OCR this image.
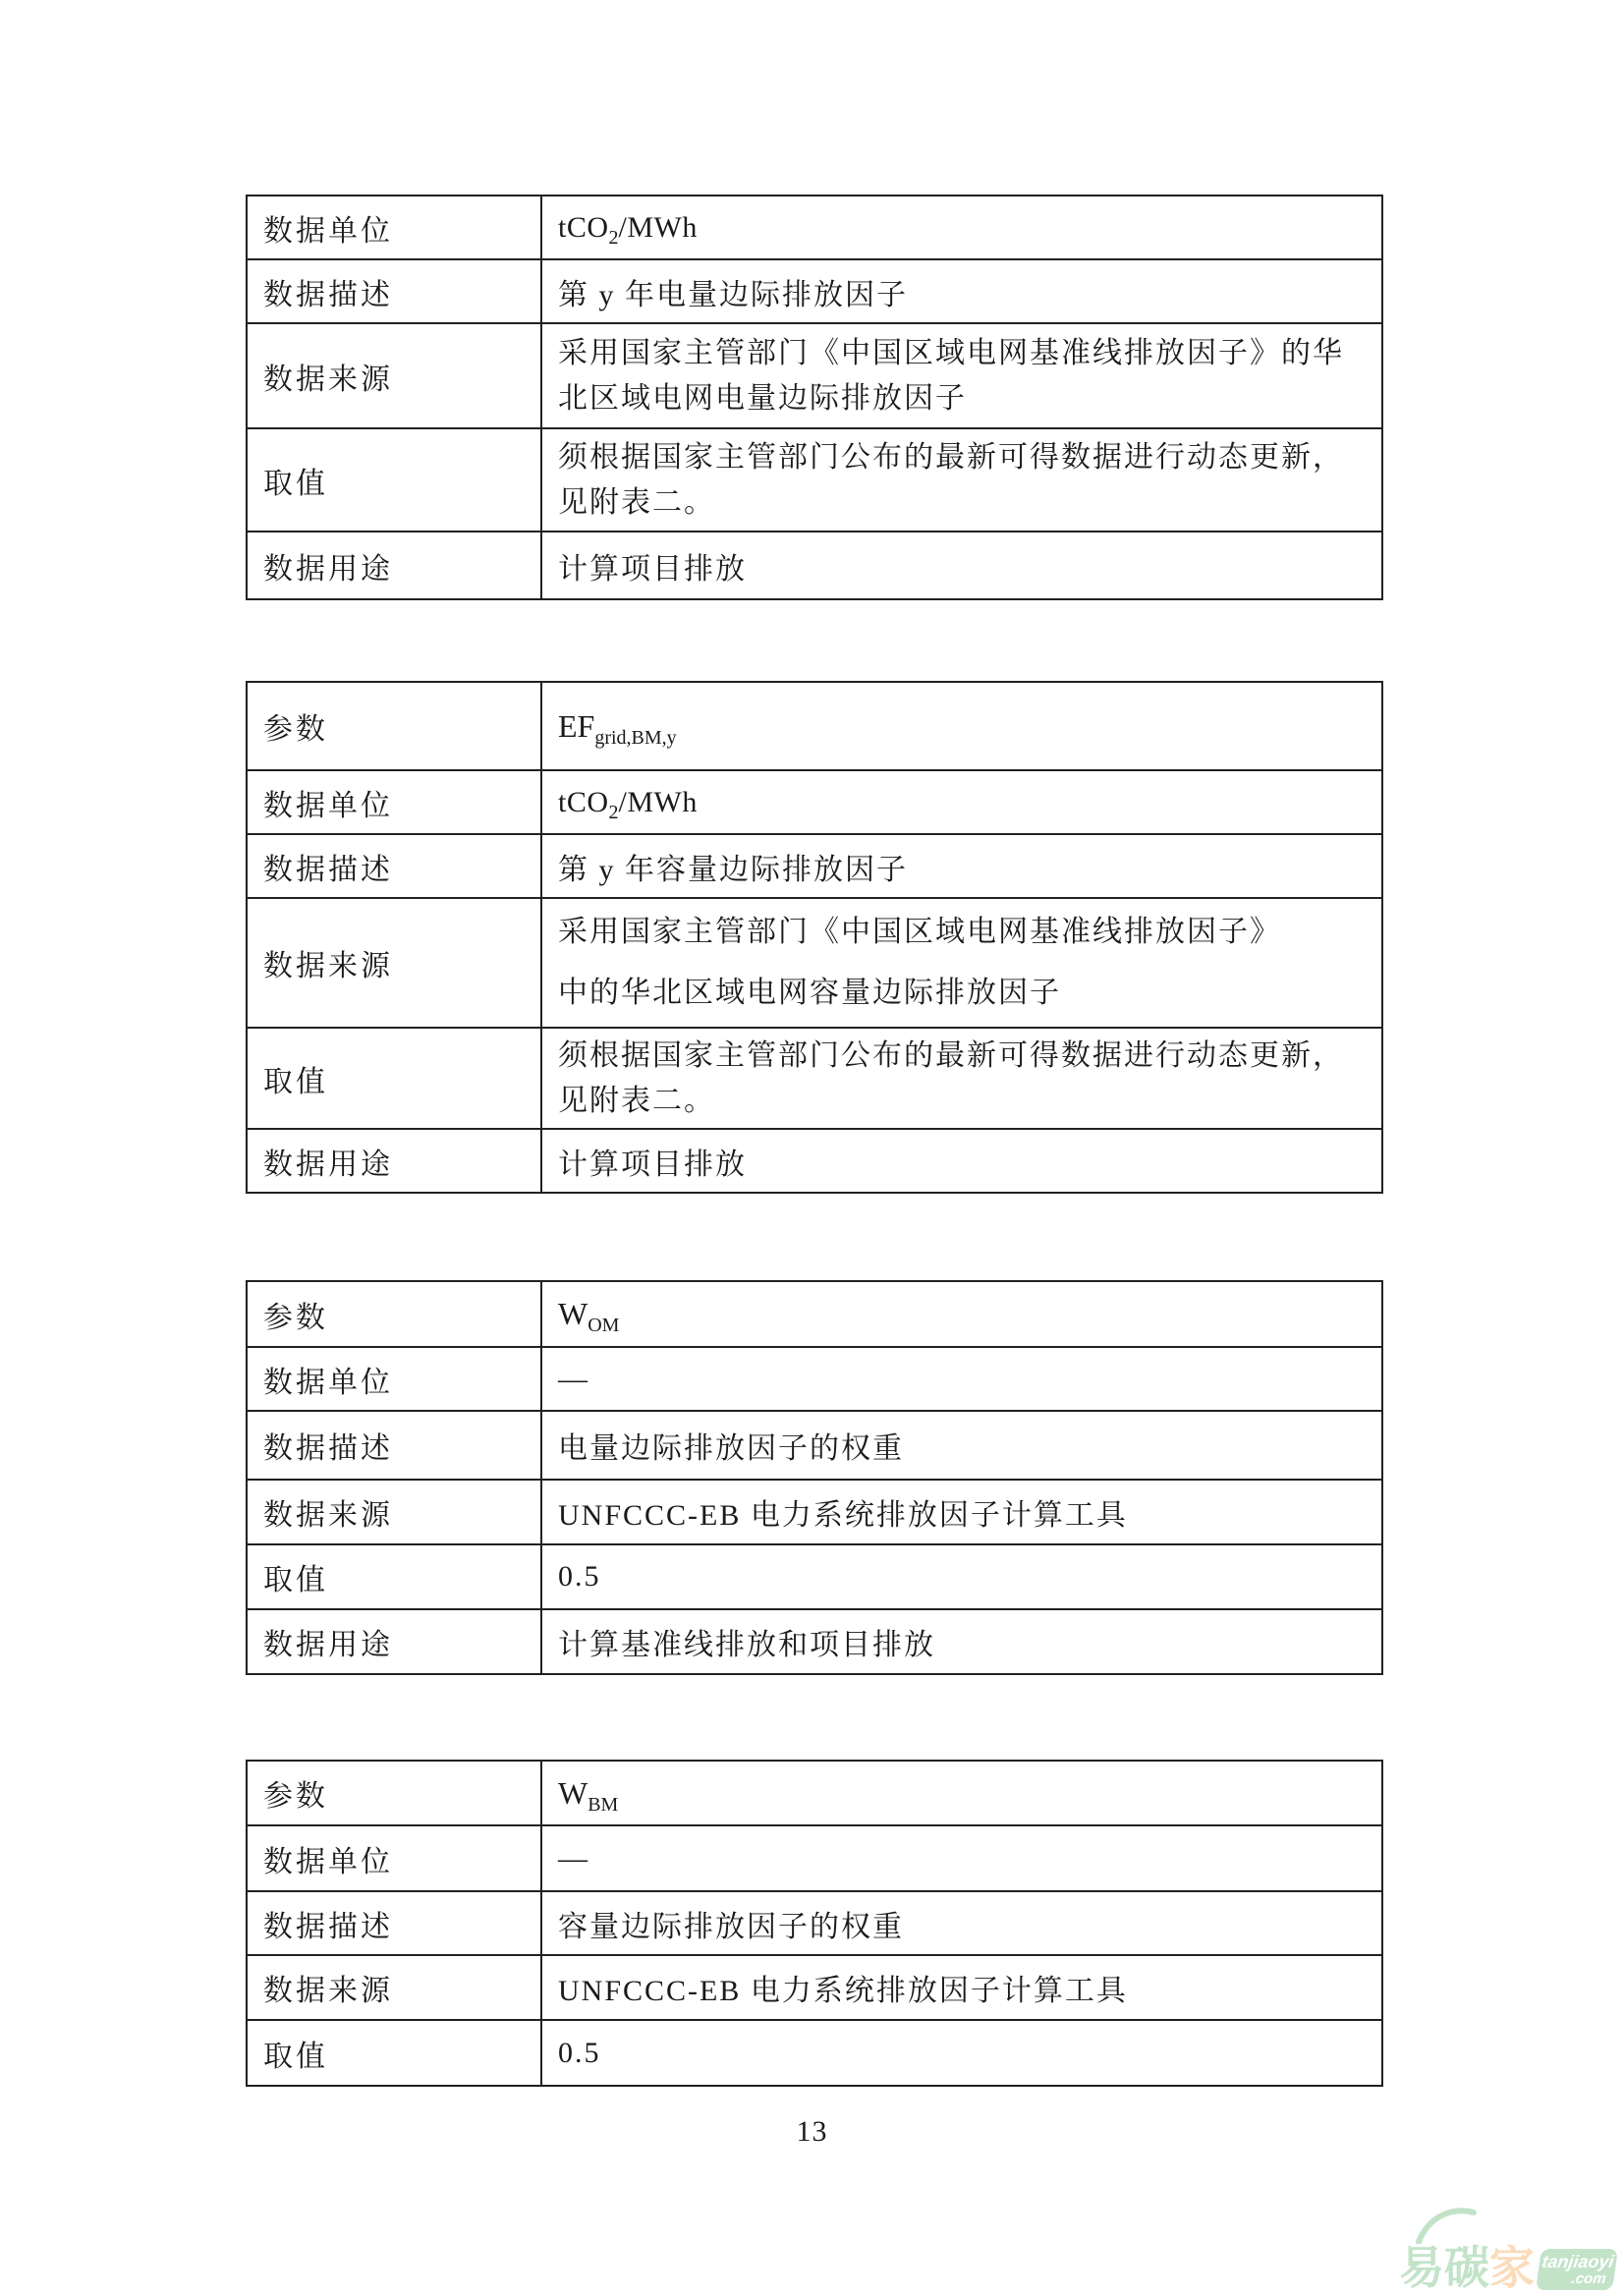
数据单位	tCO$_2$/MWh
数据描述	第 y 年电量边际排放因子
数据来源	采用国家主管部门《中国区域电网基准线排放因子》的华
北区域电网电量边际排放因子

取值	须根据国家主管部门公布的最新可得数据进行动态更新，
见附表二。

数据用途	计算项目排放
参数	$EF_{grid,BM,y}$
数据单位	tCO$_2$/MWh
数据描述	第 y 年容量边际排放因子
数据来源	采用国家主管部门《中国区域电网基准线排放因子》
中的华北区域电网容量边际排放因子

取值	须根据国家主管部门公布的最新可得数据进行动态更新，
见附表二。

数据用途	计算项目排放
参数	$W_{OM}$
数据单位	—
数据描述	电量边际排放因子的权重
数据来源	UNFCCC-EB 电力系统排放因子计算工具
取值	0.5
数据用途	计算基准线排放和项目排放
参数	$W_{BM}$
数据单位	—
数据描述	容量边际排放因子的权重
数据来源	UNFCCC-EB 电力系统排放因子计算工具
取值	0.5
13
易碳 家 tanjiaoyi
.com
